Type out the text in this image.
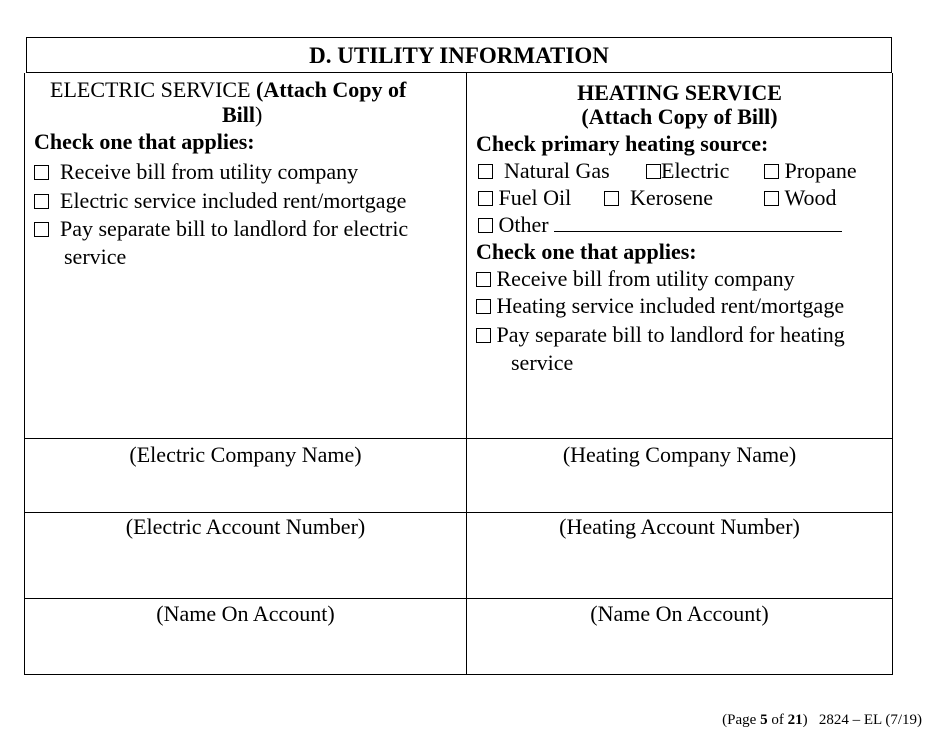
D. UTILITY INFORMATION
ELECTRIC SERVICE (Attach Copy of
Bill)
Check one that applies:
Receive bill from utility company
Electric service included rent/mortgage
Pay separate bill to landlord for electric
service
HEATING SERVICE
(Attach Copy of Bill)
Check primary heating source:
Natural Gas	Electric	Propane
Fuel Oil	Kerosene	Wood
Other
Check one that applies:
Receive bill from utility company
Heating service included rent/mortgage
Pay separate bill to landlord for heating
service
(Electric Company Name)	(Heating Company Name)
(Electric Account Number)	(Heating Account Number)
(Name On Account)	(Name On Account)
(Page 5 of 21) 2824 – EL (7/19)
